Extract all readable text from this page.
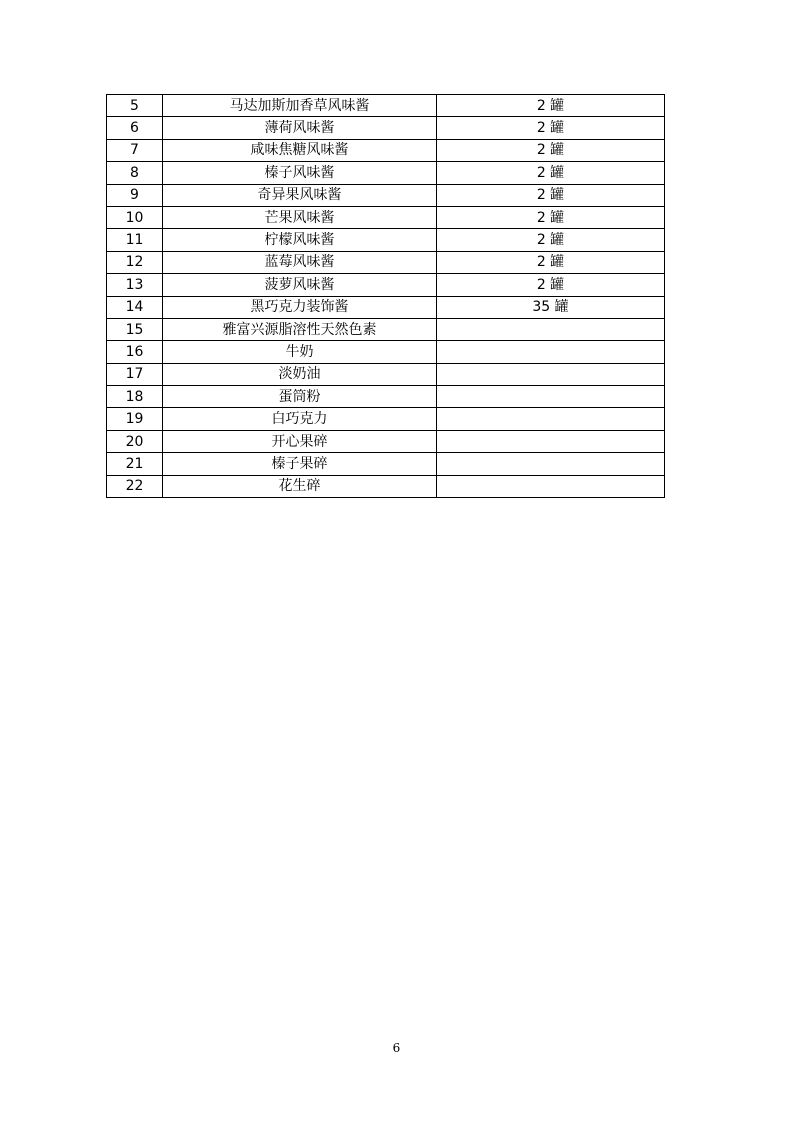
5	马达加斯加香草风味酱	2 罐
6	薄荷风味酱	2 罐
7	咸味焦糖风味酱	2 罐
8	榛子风味酱	2 罐
9	奇异果风味酱	2 罐
10	芒果风味酱	2 罐
11	柠檬风味酱	2 罐
12	蓝莓风味酱	2 罐
13	菠萝风味酱	2 罐
14	黑巧克力装饰酱	35 罐
15	雅富兴源脂溶性天然色素	
16	牛奶	
17	淡奶油	
18	蛋筒粉	
19	白巧克力	
20	开心果碎	
21	榛子果碎	
22	花生碎	
6
